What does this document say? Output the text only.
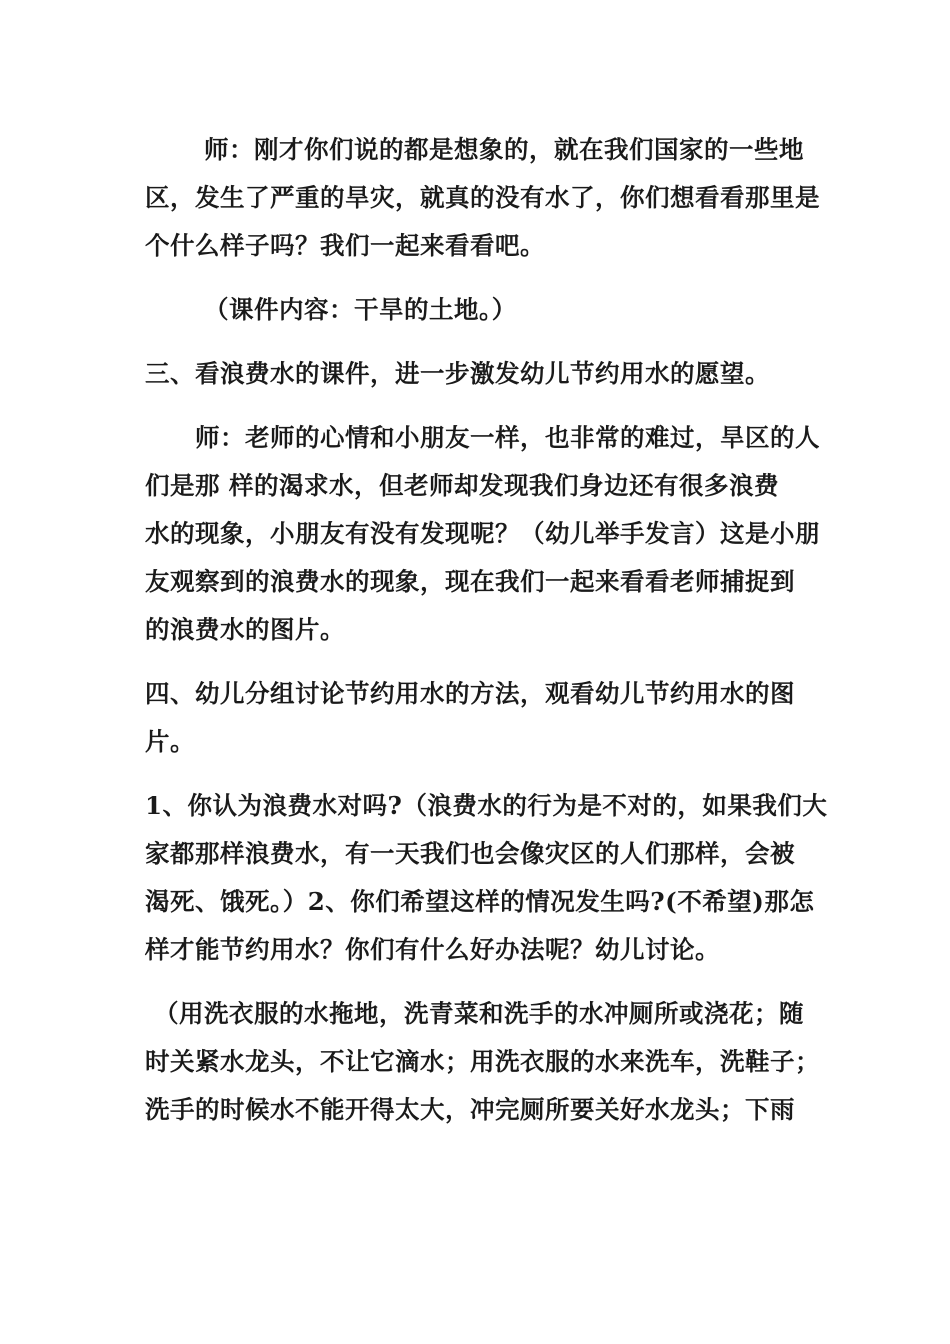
　　 师：刚才你们说的都是想象的，就在我们国家的一些地
区，发生了严重的旱灾，就真的没有水了，你们想看看那里是
个什么样子吗？我们一起来看看吧。
　　 （课件内容：干旱的土地。）
三、看浪费水的课件，进一步激发幼儿节约用水的愿望。
　　师：老师的心情和小朋友一样，也非常的难过，旱区的人
们是那 样的渴求水，但老师却发现我们身边还有很多浪费
水的现象，小朋友有没有发现呢？（幼儿举手发言）这是小朋
友观察到的浪费水的现象，现在我们一起来看看老师捕捉到
的浪费水的图片。
四、幼儿分组讨论节约用水的方法，观看幼儿节约用水的图
片。
1、你认为浪费水对吗?（浪费水的行为是不对的，如果我们大
家都那样浪费水，有一天我们也会像灾区的人们那样，会被
渴死、饿死。）2、你们希望这样的情况发生吗?(不希望)那怎
样才能节约用水？你们有什么好办法呢？幼儿讨论。
（用洗衣服的水拖地，洗青菜和洗手的水冲厕所或浇花；随
时关紧水龙头，不让它滴水；用洗衣服的水来洗车，洗鞋子；
洗手的时候水不能开得太大，冲完厕所要关好水龙头；下雨
